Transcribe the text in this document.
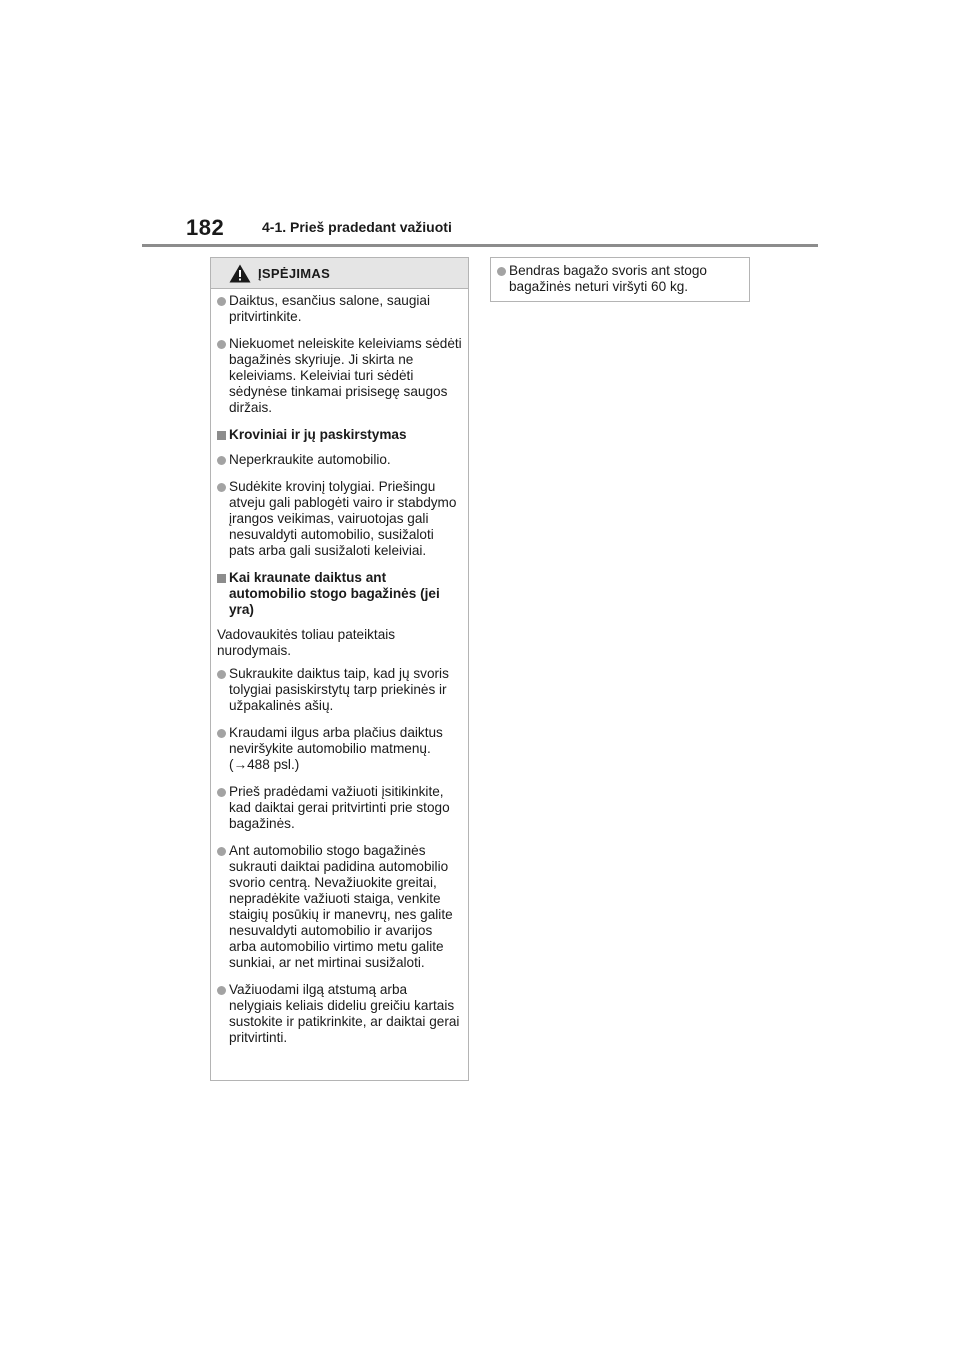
182	4-1. Prieš pradedant važiuoti
ĮSPĖJIMAS
Daiktus, esančius salone, saugiai pritvirtinkite.
Niekuomet neleiskite keleiviams sėdėti bagažinės skyriuje. Ji skirta ne keleiviams. Keleiviai turi sėdėti sėdynėse tinkamai prisisegę saugos diržais.
Kroviniai ir jų paskirstymas
Neperkraukite automobilio.
Sudėkite krovinį tolygiai. Priešingu atveju gali pablogėti vairo ir stabdymo įrangos veikimas, vairuotojas gali nesuvaldyti automobilio, susižaloti pats arba gali susižaloti keleiviai.
Kai kraunate daiktus ant automobilio stogo bagažinės (jei yra)
Vadovaukitės toliau pateiktais nurodymais.
Sukraukite daiktus taip, kad jų svoris tolygiai pasiskirstytų tarp priekinės ir užpakalinės ašių.
Kraudami ilgus arba plačius daiktus neviršykite automobilio matmenų. (→488 psl.)
Prieš pradėdami važiuoti įsitikinkite, kad daiktai gerai pritvirtinti prie stogo bagažinės.
Ant automobilio stogo bagažinės sukrauti daiktai padidina automobilio svorio centrą. Nevažiuokite greitai, nepradėkite važiuoti staiga, venkite staigių posūkių ir manevrų, nes galite nesuvaldyti automobilio ir avarijos arba automobilio virtimo metu galite sunkiai, ar net mirtinai susižaloti.
Važiuodami ilgą atstumą arba nelygiais keliais dideliu greičiu kartais sustokite ir patikrinkite, ar daiktai gerai pritvirtinti.
Bendras bagažo svoris ant stogo bagažinės neturi viršyti 60 kg.
